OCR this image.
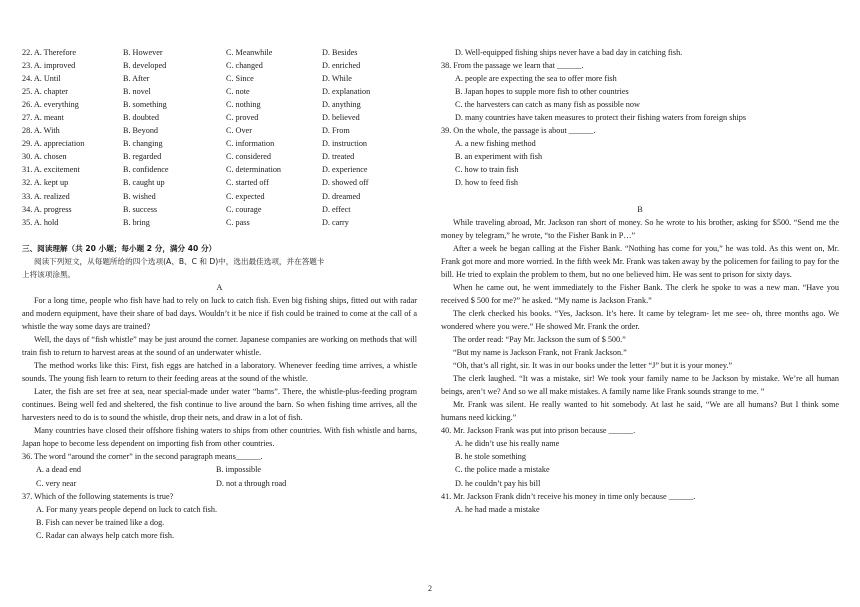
22. A. Therefore	B. However	C. Meanwhile	D. Besides
23. A. improved	B. developed	C. changed	D. enriched
24. A. Until	B. After	C. Since	D. While
25. A. chapter	B. novel	C. note	D. explanation
26. A. everything	B. something	C. nothing	D. anything
27. A. meant	B. doubted	C. proved	D. believed
28. A. With	B. Beyond	C. Over	D. From
29. A. appreciation	B. changing	C. information	D. instruction
30. A. chosen	B. regarded	C. considered	D. treated
31. A. excitement	B. confidence	C. determination	D. experience
32. A. kept up	B. caught up	C. started off	D. showed off
33. A. realized	B. wished	C. expected	D. dreamed
34. A. progress	B. success	C. courage	D. effect
35. A. hold	B. bring	C. pass	D. carry

三、阅读理解（共 20 小题；每小题 2 分，满分 40 分）

阅读下列短文，从每题所给的四个选项(A、B、C 和 D)中，选出最佳选项，并在答题卡

上将该项涂黑。

A

For a long time, people who fish have had to rely on luck to catch fish. Even big fishing ships, fitted out with radar and modern equipment, have their share of bad days. Wouldn’t it be nice if fish could be trained to come at the call of a whistle the way some days are trained?

Well, the days of “fish whistle” may be just around the corner. Japanese companies are working on methods that will train fish to return to harvest areas at the sound of an underwater whistle.

The method works like this: First, fish eggs are hatched in a laboratory. Whenever feeding time arrives, a whistle sounds. The young fish learn to return to their feeding areas at the sound of the whistle.

Later, the fish are set free at sea, near special-made under water “barns”. There, the whistle-plus-feeding program continues. Being well fed and sheltered, the fish continue to live around the barn. So when fishing time arrives, all the harvesters need to do is to sound the whistle, drop their nets, and draw in a lot of fish.

Many countries have closed their offshore fishing waters to ships from other countries. With fish whistle and barns, Japan hope to become less dependent on importing fish from other countries.

36. The word “around the corner” in the second paragraph means______.

A. a dead end	B. impossible
C. very near	D. not a through road

37. Which of the following statements is true?

A. For many years people depend on luck to catch fish.

B. Fish can never be trained like a dog.

C. Radar can always help catch more fish.

D. Well-equipped fishing ships never have a bad day in catching fish.

38. From the passage we learn that ______.

A. people are expecting the sea to offer more fish

B. Japan hopes to supple more fish to other countries

C. the harvesters can catch as many fish as possible now

D. many countries have taken measures to protect their fishing waters from foreign ships

39. On the whole, the passage is about ______.

A. a new fishing method

B. an experiment with fish

C. how to train fish

D. how to feed fish

B

While traveling abroad, Mr. Jackson ran short of money. So he wrote to his brother, asking for $500. “Send me the money by telegram,” he wrote, “to the Fisher Bank in P…”

After a week he began calling at the Fisher Bank. “Nothing has come for you,” he was told. As this went on, Mr. Frank got more and more worried. In the fifth week Mr. Frank was taken away by the policemen for failing to pay for the bill. He tried to explain the problem to them, but no one believed him. He was sent to prison for sixty days.

When he came out, he went immediately to the Fisher Bank. The clerk he spoke to was a new man. “Have you received $ 500 for me?” he asked. “My name is Jackson Frank.”

The clerk checked his books. “Yes, Jackson. It’s here. It came by telegram- let me see- oh, three months ago. We wondered where you were.” He showed Mr. Frank the order.

The order read: “Pay Mr. Jackson the sum of $ 500.”

“But my name is Jackson Frank, not Frank Jackson.”

“Oh, that’s all right, sir. It was in our books under the letter “J” but it is your money.”

The clerk laughed. “It was a mistake, sir! We took your family name to be Jackson by mistake. We’re all human beings, aren’t we? And so we all make mistakes. A family name like Frank sounds strange to me. ”

Mr. Frank was silent. He really wanted to hit somebody. At last he said, “We are all humans? But I think some humans need kicking.”

40. Mr. Jackson Frank was put into prison because ______.

A. he didn’t use his really name

B. he stole something

C. the police made a mistake

D. he couldn’t pay his bill

41. Mr. Jackson Frank didn’t receive his money in time only because ______.

A. he had made a mistake

2
